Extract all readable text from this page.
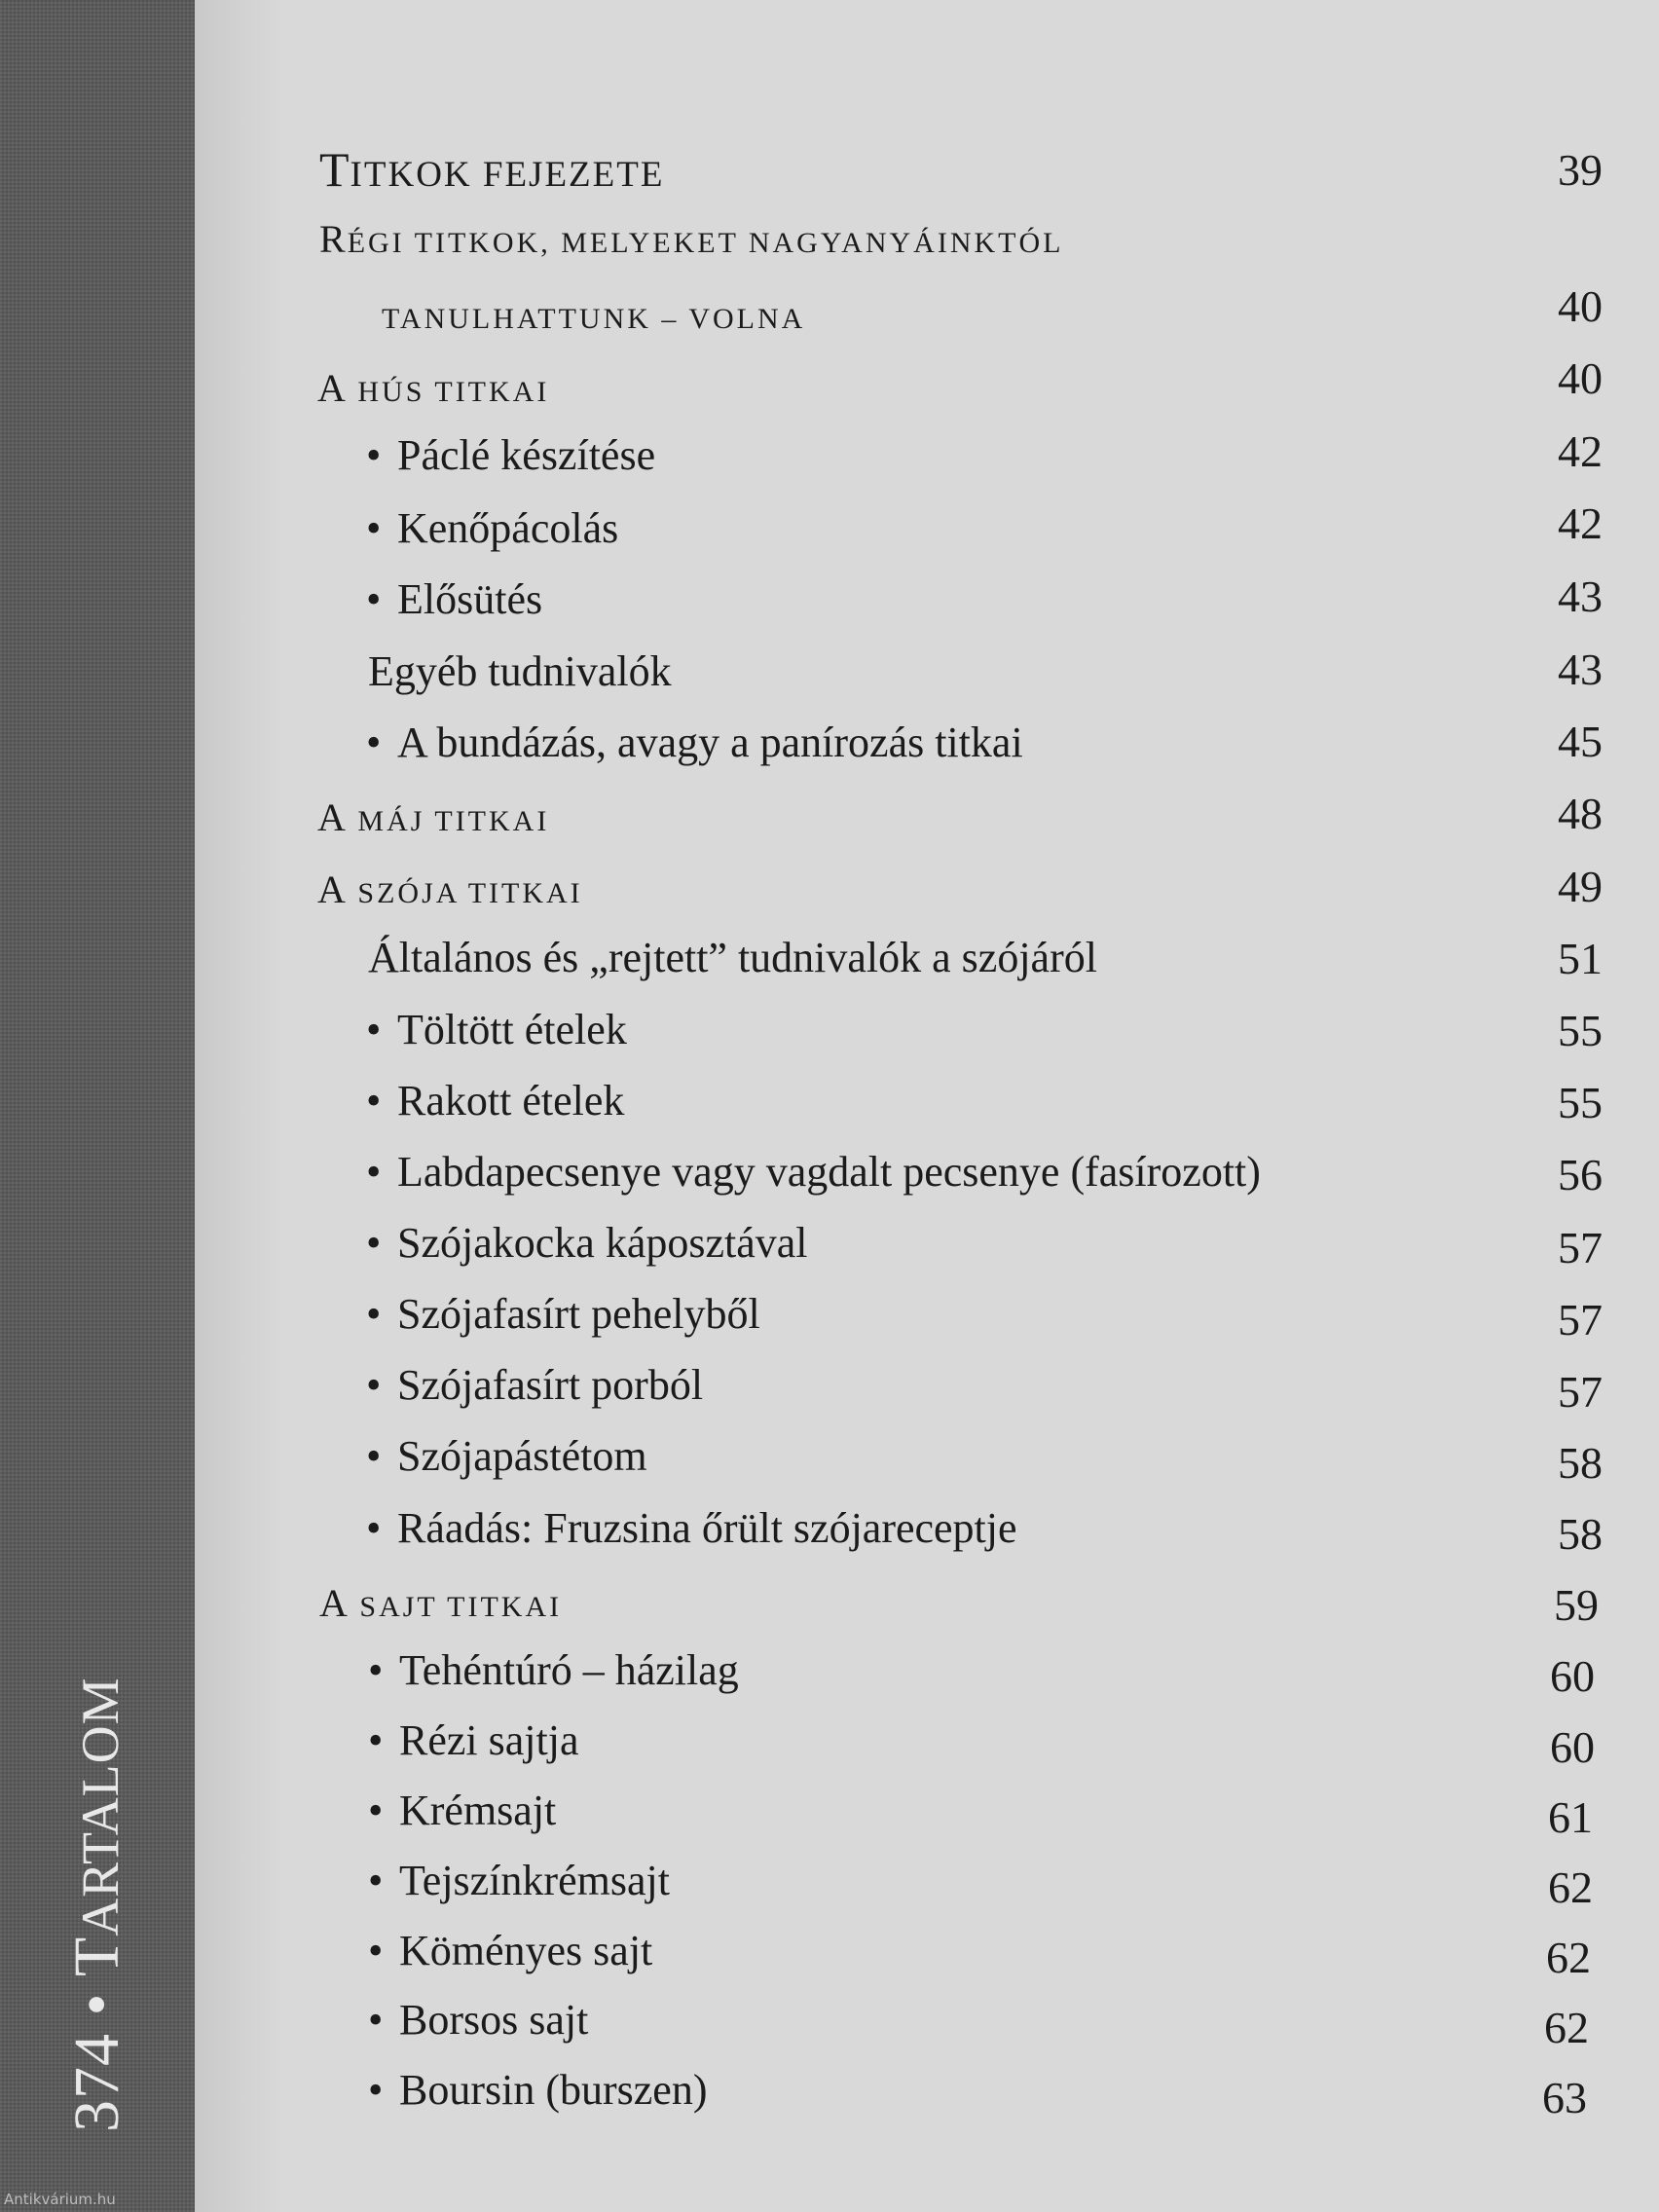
374 • TARTALOM
Antikvárium.hu
TITKOK FEJEZETE	39
RÉGI TITKOK, MELYEKET NAGYANYÁINKTÓL
TANULHATTUNK – VOLNA	40
A HÚS TITKAI	40
• Páclé készítése	42
• Kenőpácolás	42
• Elősütés	43
Egyéb tudnivalók	43
• A bundázás, avagy a panírozás titkai	45
A MÁJ TITKAI	48
A SZÓJA TITKAI	49
Általános és „rejtett” tudnivalók a szójáról	51
• Töltött ételek	55
• Rakott ételek	55
• Labdapecsenye vagy vagdalt pecsenye (fasírozott)	56
• Szójakocka káposztával	57
• Szójafasírt pehelyből	57
• Szójafasírt porból	57
• Szójapástétom	58
• Ráadás: Fruzsina őrült szójareceptje	58
A SAJT TITKAI	59
• Tehéntúró – házilag	60
• Rézi sajtja	60
• Krémsajt	61
• Tejszínkrémsajt	62
• Köményes sajt	62
• Borsos sajt	62
• Boursin (burszen)	63
